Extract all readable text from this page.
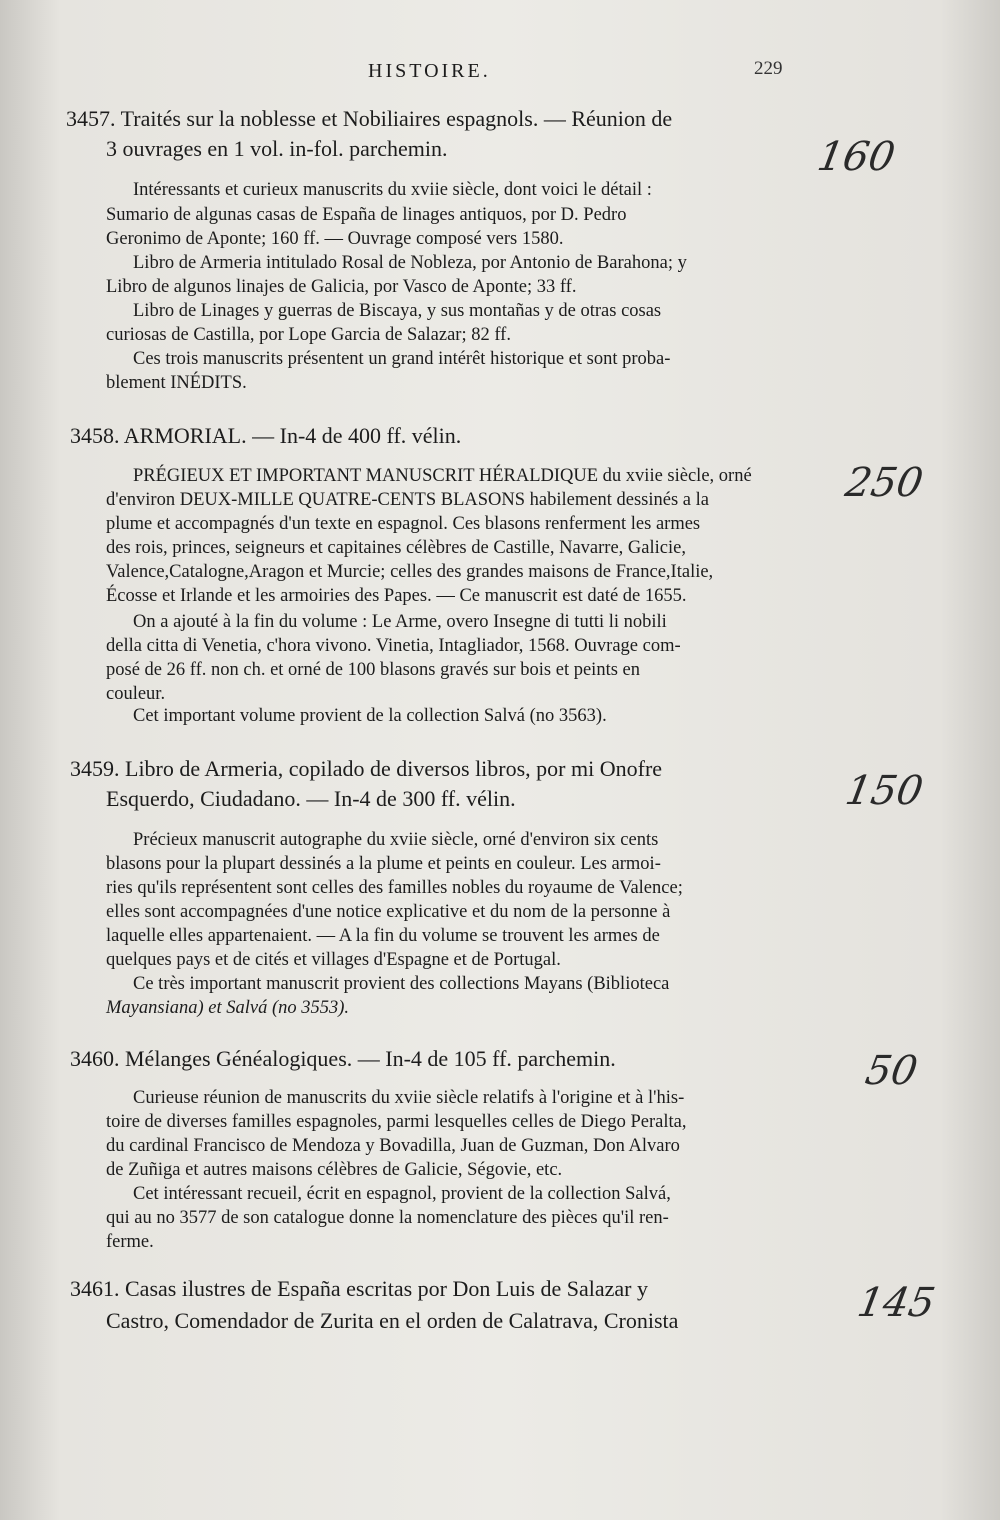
HISTOIRE.	229
3457. Traités sur la noblesse et Nobiliaires espagnols. — Réunion de
3 ouvrages en 1 vol. in-fol. parchemin.
Intéressants et curieux manuscrits du xviie siècle, dont voici le détail :
Sumario de algunas casas de España de linages antiquos, por D. Pedro
Geronimo de Aponte; 160 ff. — Ouvrage composé vers 1580.
Libro de Armeria intitulado Rosal de Nobleza, por Antonio de Barahona; y
Libro de algunos linajes de Galicia, por Vasco de Aponte; 33 ff.
Libro de Linages y guerras de Biscaya, y sus montañas y de otras cosas
curiosas de Castilla, por Lope Garcia de Salazar; 82 ff.
Ces trois manuscrits présentent un grand intérêt historique et sont proba-
blement INÉDITS.
3458. ARMORIAL. — In-4 de 400 ff. vélin.
PRÉGIEUX ET IMPORTANT MANUSCRIT HÉRALDIQUE du xviie siècle, orné
d'environ DEUX-MILLE QUATRE-CENTS BLASONS habilement dessinés a la
plume et accompagnés d'un texte en espagnol. Ces blasons renferment les armes
des rois, princes, seigneurs et capitaines célèbres de Castille, Navarre, Galicie,
Valence,Catalogne,Aragon et Murcie; celles des grandes maisons de France,Italie,
Écosse et Irlande et les armoiries des Papes. — Ce manuscrit est daté de 1655.
On a ajouté à la fin du volume : Le Arme, overo Insegne di tutti li nobili
della citta di Venetia, c'hora vivono. Vinetia, Intagliador, 1568. Ouvrage com-
posé de 26 ff. non ch. et orné de 100 blasons gravés sur bois et peints en
couleur.
Cet important volume provient de la collection Salvá (no 3563).
3459. Libro de Armeria, copilado de diversos libros, por mi Onofre
Esquerdo, Ciudadano. — In-4 de 300 ff. vélin.
Précieux manuscrit autographe du xviie siècle, orné d'environ six cents
blasons pour la plupart dessinés a la plume et peints en couleur. Les armoi-
ries qu'ils représentent sont celles des familles nobles du royaume de Valence;
elles sont accompagnées d'une notice explicative et du nom de la personne à
laquelle elles appartenaient. — A la fin du volume se trouvent les armes de
quelques pays et de cités et villages d'Espagne et de Portugal.
Ce très important manuscrit provient des collections Mayans (Biblioteca
Mayansiana) et Salvá (no 3553).
3460. Mélanges Généalogiques. — In-4 de 105 ff. parchemin.
Curieuse réunion de manuscrits du xviie siècle relatifs à l'origine et à l'his-
toire de diverses familles espagnoles, parmi lesquelles celles de Diego Peralta,
du cardinal Francisco de Mendoza y Bovadilla, Juan de Guzman, Don Alvaro
de Zuñiga et autres maisons célèbres de Galicie, Ségovie, etc.
Cet intéressant recueil, écrit en espagnol, provient de la collection Salvá,
qui au no 3577 de son catalogue donne la nomenclature des pièces qu'il ren-
ferme.
3461. Casas ilustres de España escritas por Don Luis de Salazar y
Castro, Comendador de Zurita en el orden de Calatrava, Cronista
160
250
150
50
145
